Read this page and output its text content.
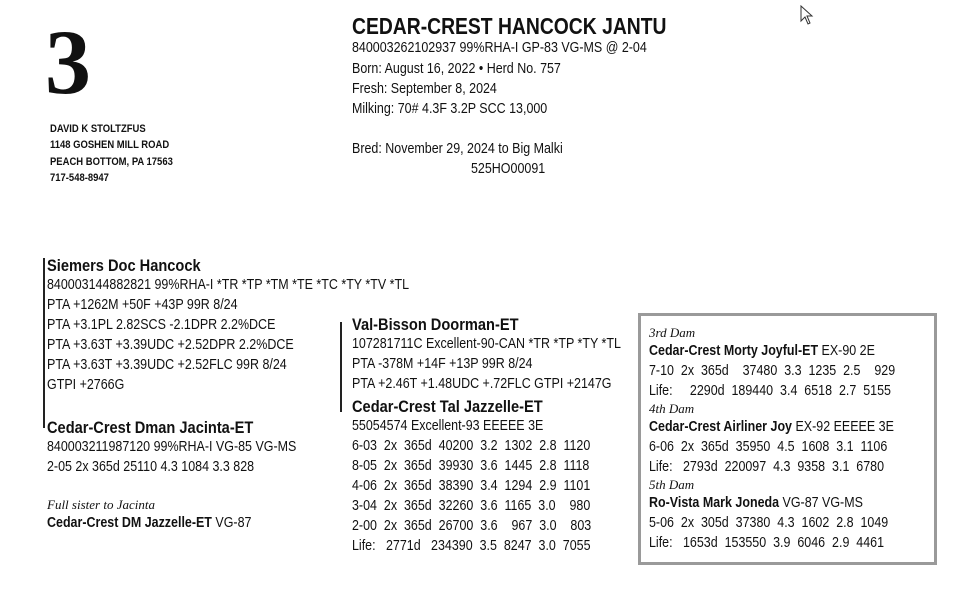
3
DAVID K STOLTZFUS
1148 GOSHEN MILL ROAD
PEACH BOTTOM, PA 17563
717-548-8947
CEDAR-CREST HANCOCK JANTU
840003262102937 99%RHA-I GP-83 VG-MS @ 2-04
Born: August 16, 2022 • Herd No. 757
Fresh: September 8, 2024
Milking: 70# 4.3F 3.2P SCC 13,000
Bred: November 29, 2024 to Big Malki
525HO00091
Siemers Doc Hancock
840003144882821 99%RHA-I *TR *TP *TM *TE *TC *TY *TV *TL
PTA +1262M +50F +43P 99R 8/24
PTA +3.1PL 2.82SCS -2.1DPR 2.2%DCE
PTA +3.63T +3.39UDC +2.52DPR 2.2%DCE
PTA +3.63T +3.39UDC +2.52FLC 99R 8/24
GTPI +2766G
Cedar-Crest Dman Jacinta-ET
840003211987120 99%RHA-I VG-85 VG-MS
2-05 2x 365d 25110 4.3 1084 3.3 828
Full sister to Jacinta
Cedar-Crest DM Jazzelle-ET VG-87
Val-Bisson Doorman-ET
107281711C Excellent-90-CAN *TR *TP *TY *TL
PTA -378M +14F +13P 99R 8/24
PTA +2.46T +1.48UDC +.72FLC GTPI +2147G
Cedar-Crest Tal Jazzelle-ET
55054574 Excellent-93 EEEEE 3E
6-03  2x  365d  40200  3.2  1302  2.8  1120
8-05  2x  365d  39930  3.6  1445  2.8  1118
4-06  2x  365d  38390  3.4  1294  2.9  1101
3-04  2x  365d  32260  3.6  1165  3.0    980
2-00  2x  365d  26700  3.6    967  3.0    803
Life:   2771d   234390  3.5  8247  3.0  7055
3rd Dam
Cedar-Crest Morty Joyful-ET EX-90 2E
7-10  2x  365d    37480  3.3  1235  2.5    929
Life:     2290d  189440  3.4  6518  2.7  5155
4th Dam
Cedar-Crest Airliner Joy EX-92 EEEEE 3E
6-06  2x  365d  35950  4.5  1608  3.1  1106
Life:   2793d  220097  4.3  9358  3.1  6780
5th Dam
Ro-Vista Mark Joneda VG-87 VG-MS
5-06  2x  305d  37380  4.3  1602  2.8  1049
Life:   1653d  153550  3.9  6046  2.9  4461
